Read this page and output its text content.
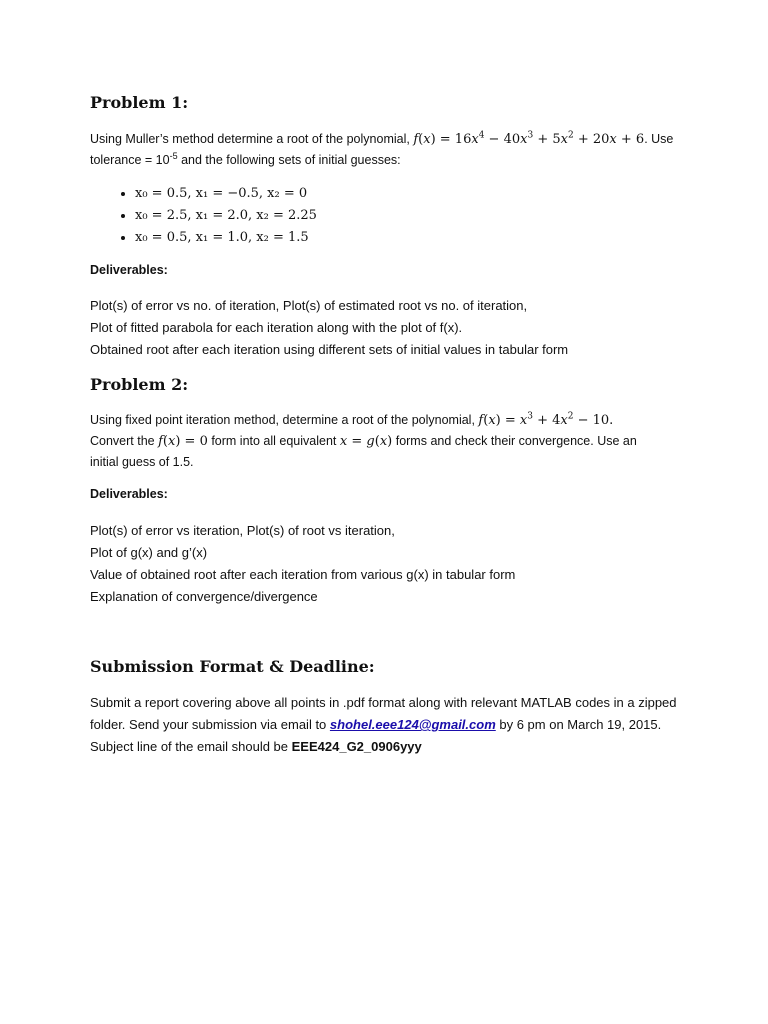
Problem 1:
Using Muller’s method determine a root of the polynomial, $f(x) = 16x^4 - 40x^3 + 5x^2 + 20x + 6$. Use
tolerance = $10^{-5}$ and the following sets of initial guesses:
• x₀ = 0.5, x₁ = −0.5, x₂ = 0
• x₀ = 2.5, x₁ = 2.0, x₂ = 2.25
• x₀ = 0.5, x₁ = 1.0, x₂ = 1.5
Deliverables:
Plot(s) of error vs no. of iteration, Plot(s) of estimated root vs no. of iteration,
Plot of fitted parabola for each iteration along with the plot of f(x).
Obtained root after each iteration using different sets of initial values in tabular form
Problem 2:
Using fixed point iteration method, determine a root of the polynomial, $f(x) = x^3 + 4x^2 - 10$.
Convert the f(x) = 0 form into all equivalent x = g(x) forms and check their convergence. Use an
initial guess of 1.5.
Deliverables:
Plot(s) of error vs iteration, Plot(s) of root vs iteration,
Plot of g(x) and g’(x)
Value of obtained root after each iteration from various g(x) in tabular form
Explanation of convergence/divergence
Submission Format & Deadline:
Submit a report covering above all points in .pdf format along with relevant MATLAB codes in a zipped folder. Send your submission via email to shohel.eee124@gmail.com by 6 pm on March 19, 2015. Subject line of the email should be EEE424_G2_0906yyy
